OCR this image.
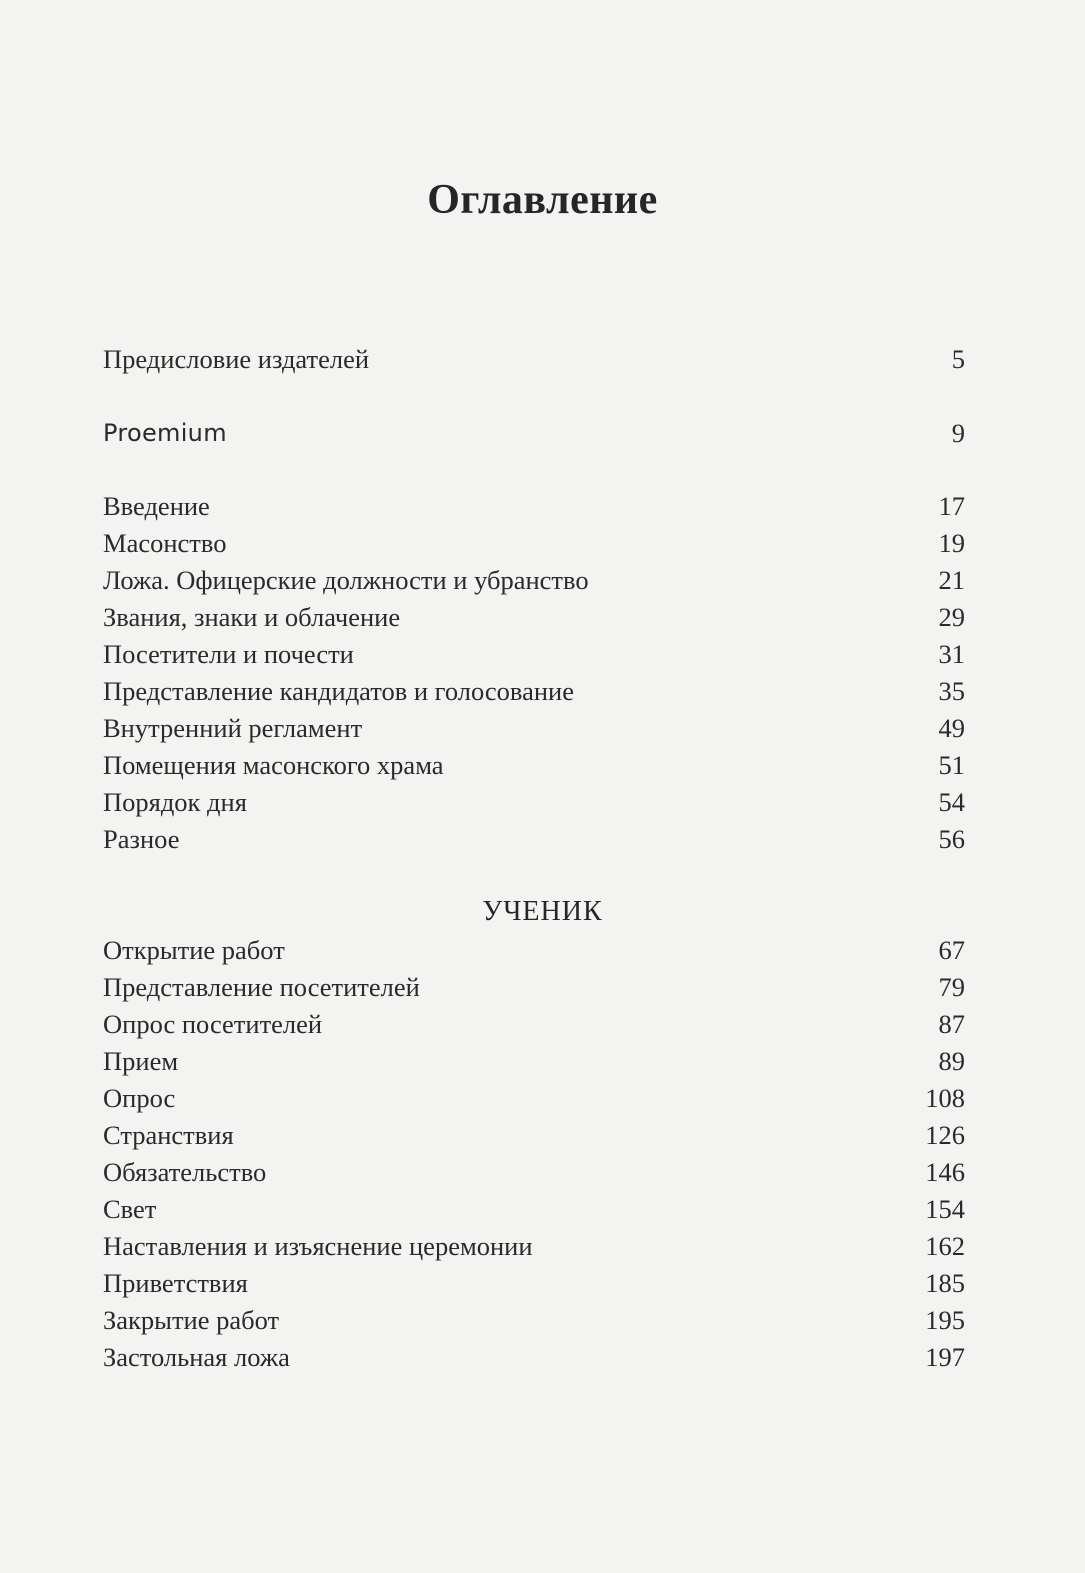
Оглавление
Предисловие издателей	5
Proemium	9
Введение	17
Масонство	19
Ложа. Офицерские должности и убранство	21
Звания, знаки и облачение	29
Посетители и почести	31
Представление кандидатов и голосование	35
Внутренний регламент	49
Помещения масонского храма	51
Порядок дня	54
Разное	56
УЧЕНИК
Открытие работ	67
Представление посетителей	79
Опрос посетителей	87
Прием	89
Опрос	108
Странствия	126
Обязательство	146
Свет	154
Наставления и изъяснение церемонии	162
Приветствия	185
Закрытие работ	195
Застольная ложа	197
